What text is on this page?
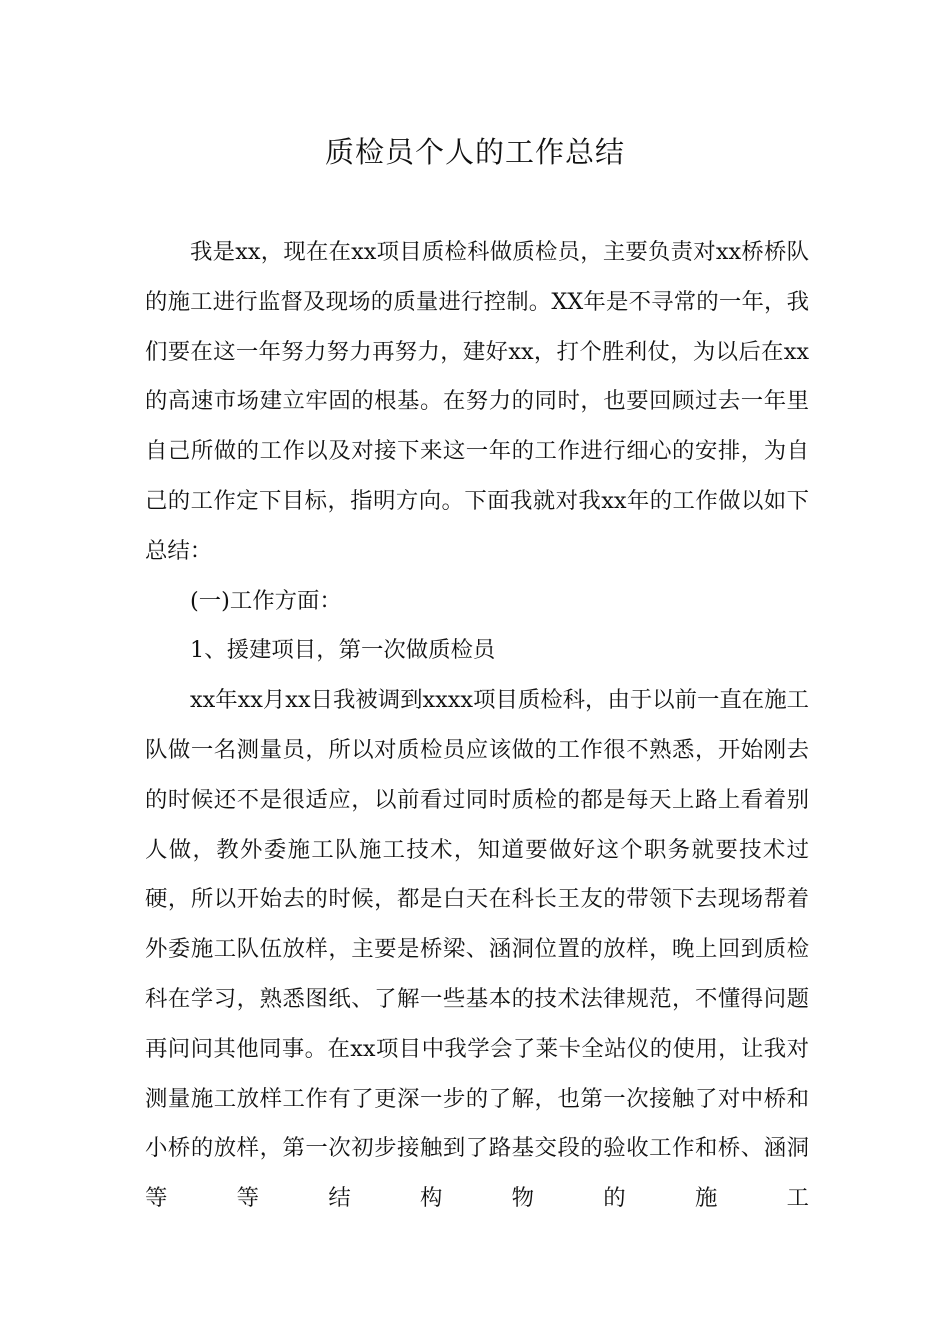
质检员个人的工作总结

我是xx，现在在xx项目质检科做质检员，主要负责对xx桥桥队的施工进行监督及现场的质量进行控制。XX年是不寻常的一年，我们要在这一年努力努力再努力，建好xx，打个胜利仗，为以后在xx的高速市场建立牢固的根基。在努力的同时，也要回顾过去一年里自己所做的工作以及对接下来这一年的工作进行细心的安排，为自己的工作定下目标，指明方向。下面我就对我xx年的工作做以如下总结：

(一)工作方面：

1、援建项目，第一次做质检员

xx年xx月xx日我被调到xxxx项目质检科，由于以前一直在施工队做一名测量员，所以对质检员应该做的工作很不熟悉，开始刚去的时候还不是很适应，以前看过同时质检的都是每天上路上看着别人做，教外委施工队施工技术，知道要做好这个职务就要技术过硬，所以开始去的时候，都是白天在科长王友的带领下去现场帮着外委施工队伍放样，主要是桥梁、涵洞位置的放样，晚上回到质检科在学习，熟悉图纸、了解一些基本的技术法律规范，不懂得问题再问问其他同事。在xx项目中我学会了莱卡全站仪的使用，让我对测量施工放样工作有了更深一步的了解，也第一次接触了对中桥和小桥的放样，第一次初步接触到了路基交段的验收工作和桥、涵洞等等结构物的施工
